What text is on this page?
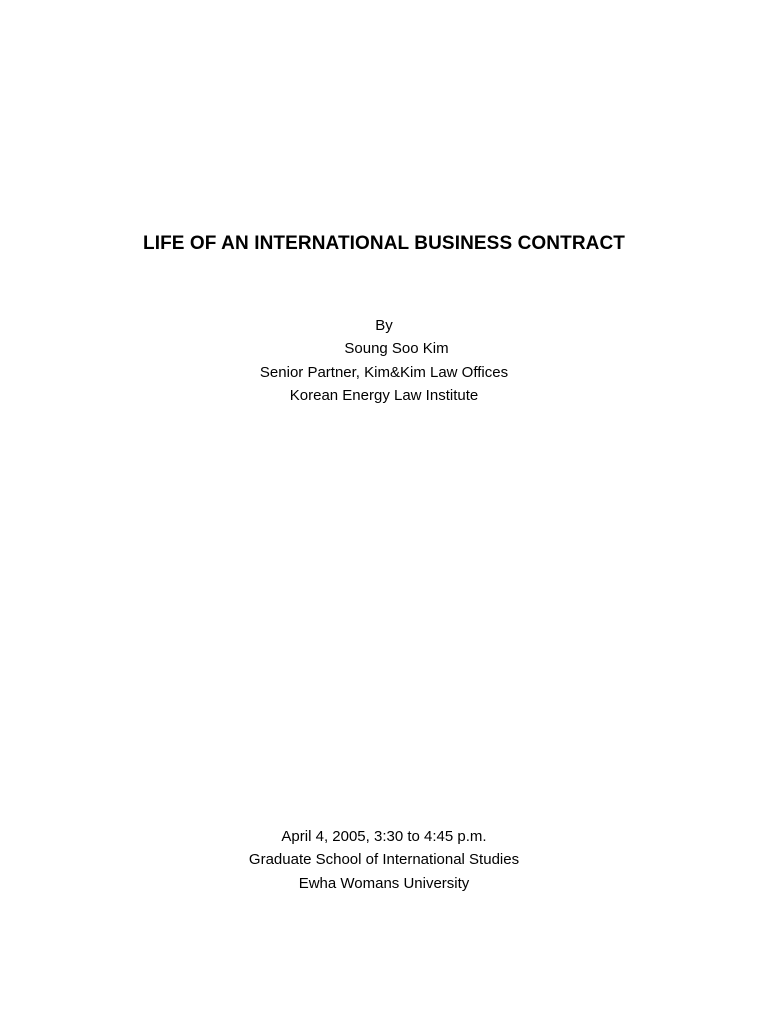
LIFE OF AN INTERNATIONAL BUSINESS CONTRACT
By
Soung Soo Kim
Senior Partner, Kim&Kim Law Offices
Korean Energy Law Institute
April 4, 2005, 3:30 to 4:45 p.m.
Graduate School of International Studies
Ewha Womans University
